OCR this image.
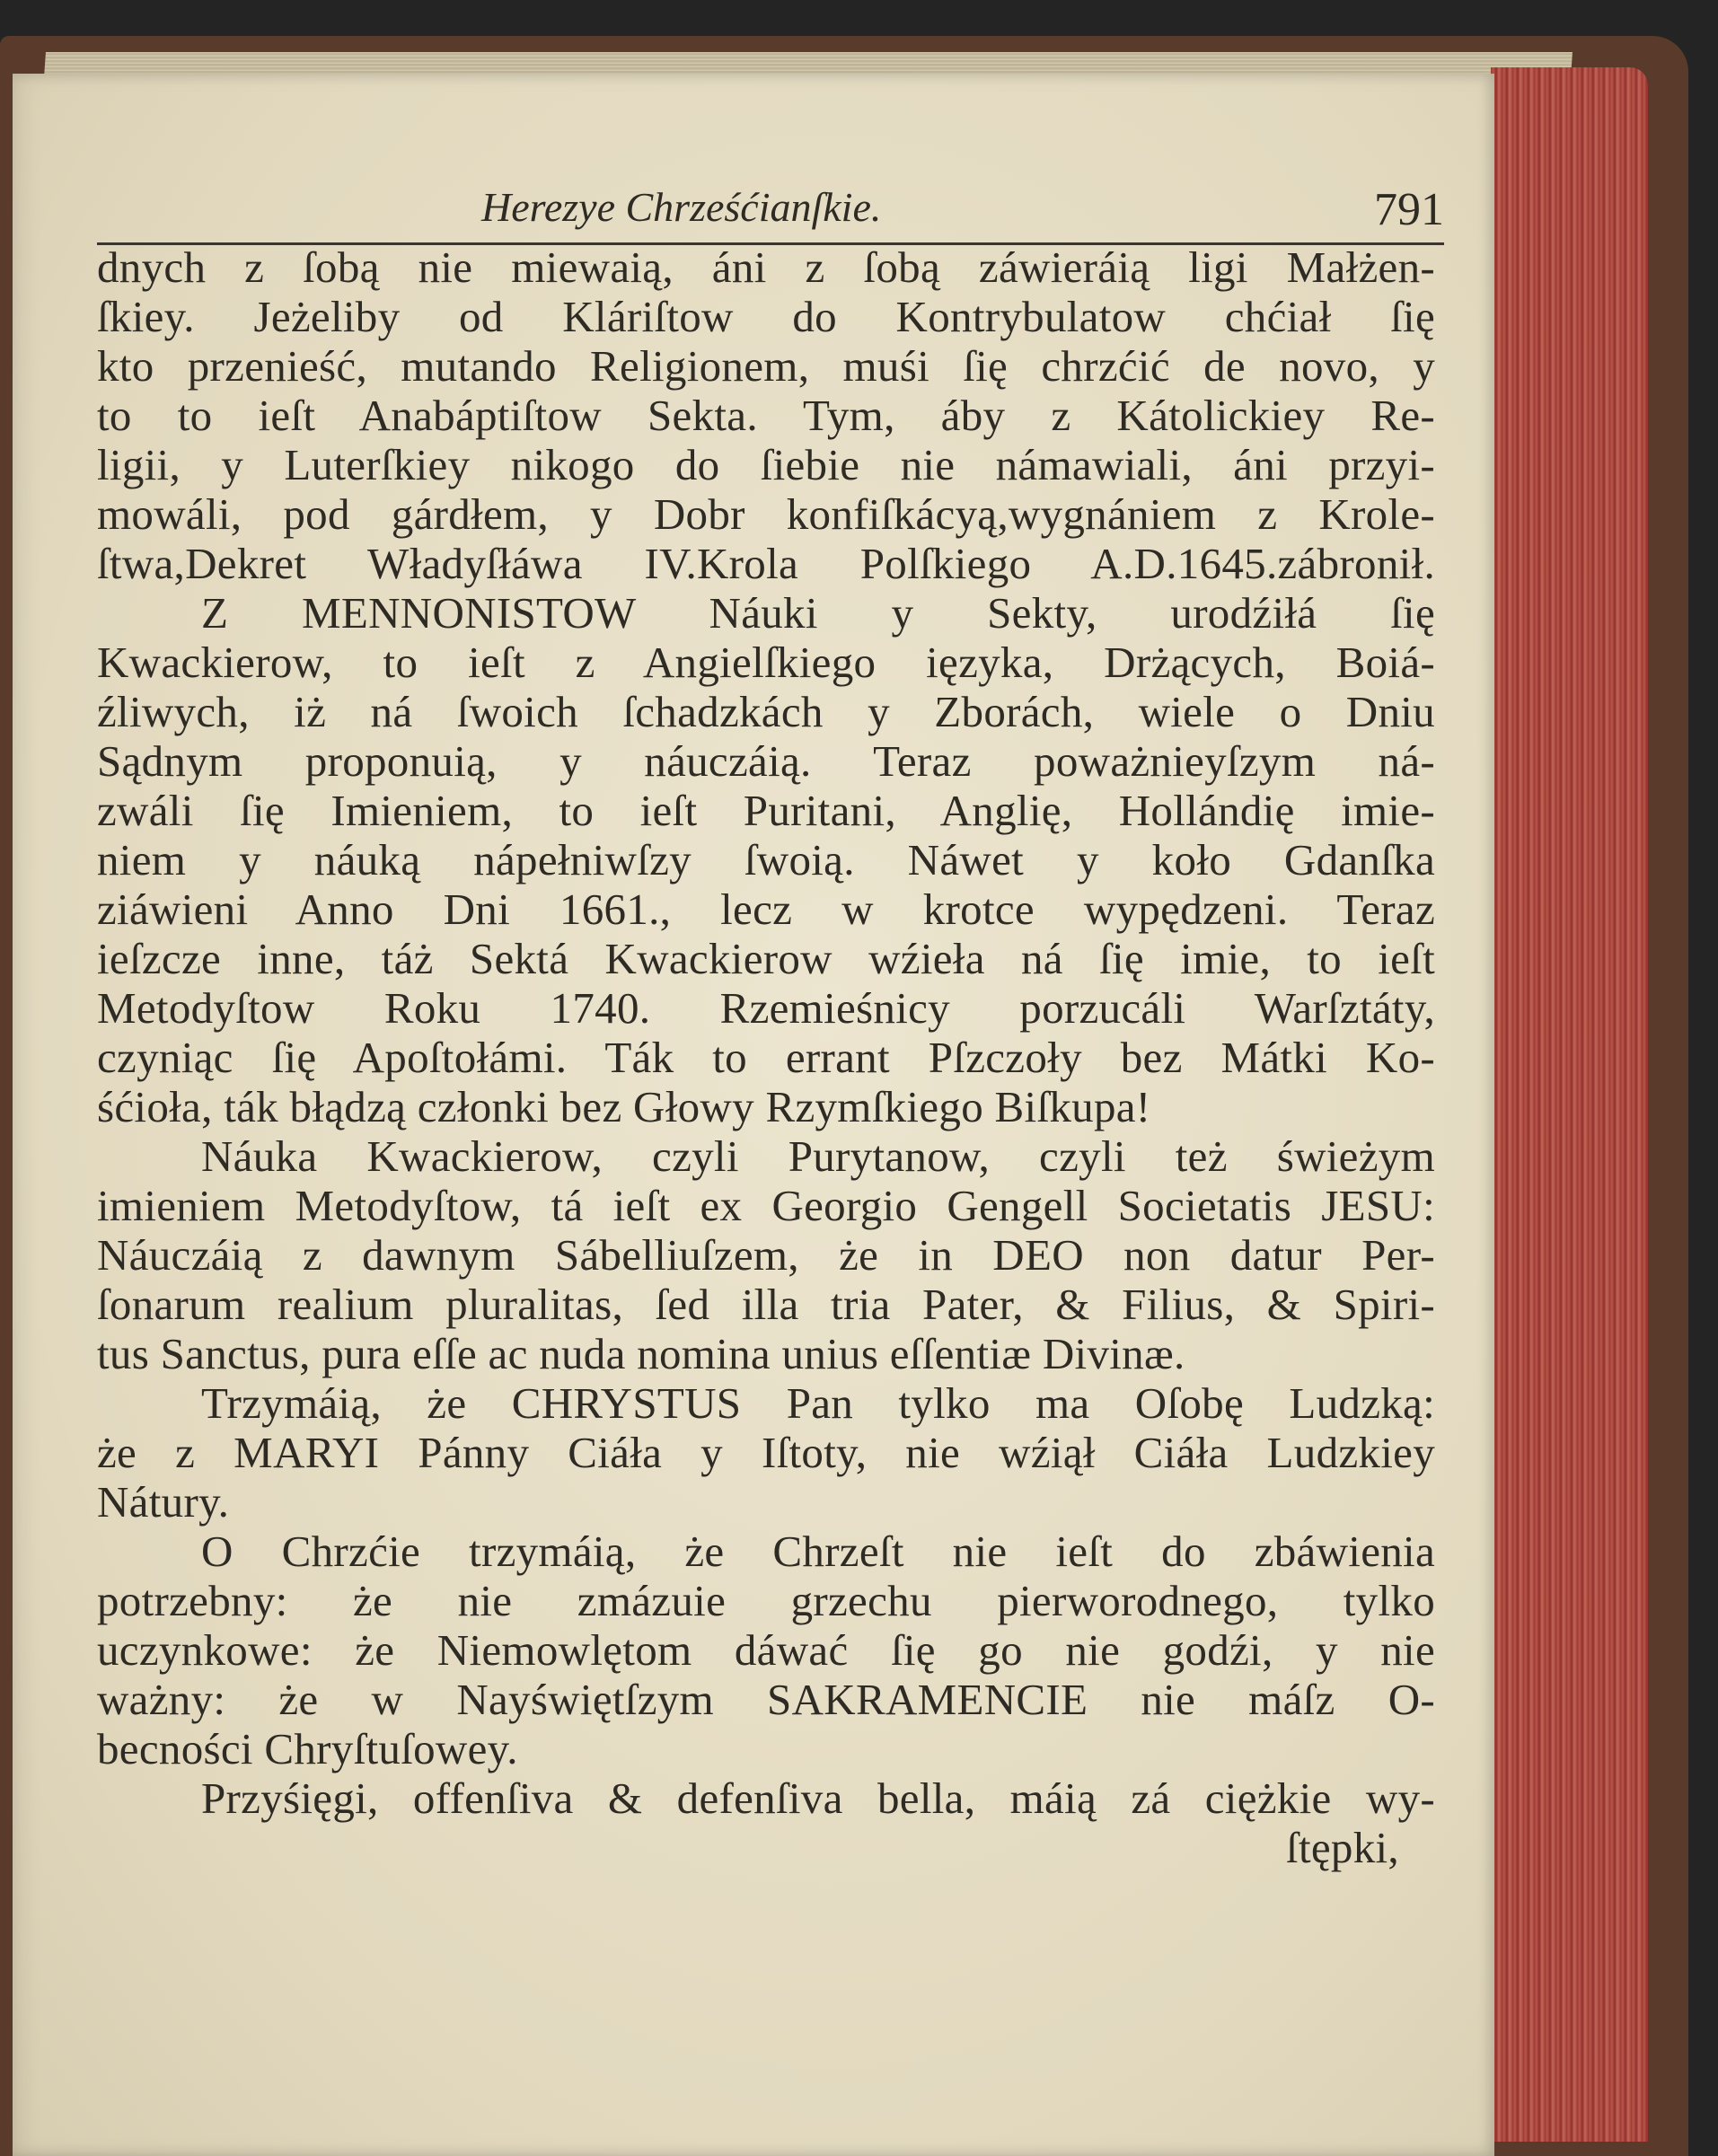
Herezye Chrześćianſkie.	791
dnych z ſobą nie miewaią, áni z ſobą záwieráią ligi Małżen-
ſkiey. Jeżeliby od Kláriſtow do Kontrybulatow chćiał ſię
kto przenieść, mutando Religionem, muśi ſię chrzćić de novo, y
to to ieſt Anabáptiſtow Sekta. Tym, áby z Kátolickiey Re-
ligii, y Luterſkiey nikogo do ſiebie nie námawiali, áni przyi-
mowáli, pod gárdłem, y Dobr konfiſkácyą,wygnániem z Krole-
ſtwa,Dekret Władyſłáwa IV.Krola Polſkiego A.D.1645.zábronił.
Z MENNONISTOW Náuki y Sekty, urodźiłá ſię
Kwackierow, to ieſt z Angielſkiego ięzyka, Drżących, Boiá-
źliwych, iż ná ſwoich ſchadzkách y Zborách, wiele o Dniu
Sądnym proponuią, y náuczáią. Teraz poważnieyſzym ná-
zwáli ſię Imieniem, to ieſt Puritani, Anglię, Hollándię imie-
niem y náuką nápełniwſzy ſwoią. Náwet y koło Gdanſka
ziáwieni Anno Dni 1661., lecz w krotce wypędzeni. Teraz
ieſzcze inne, táż Sektá Kwackierow wźieła ná ſię imie, to ieſt
Metodyſtow Roku 1740. Rzemieśnicy porzucáli Warſztáty,
czyniąc ſię Apoſtołámi. Ták to errant Pſzczoły bez Mátki Ko-
śćioła, ták błądzą członki bez Głowy Rzymſkiego Biſkupa!
Náuka Kwackierow, czyli Purytanow, czyli też świeżym
imieniem Metodyſtow, tá ieſt ex Georgio Gengell Societatis JESU:
Náuczáią z dawnym Sábelliuſzem, że in DEO non datur Per-
ſonarum realium pluralitas, ſed illa tria Pater, & Filius, & Spiri-
tus Sanctus, pura eſſe ac nuda nomina unius eſſentiæ Divinæ.
Trzymáią, że CHRYSTUS Pan tylko ma Oſobę Ludzką:
że z MARYI Pánny Ciáła y Iſtoty, nie wźiął Ciáła Ludzkiey
Nátury.
O Chrzćie trzymáią, że Chrzeſt nie ieſt do zbáwienia
potrzebny: że nie zmázuie grzechu pierworodnego, tylko
uczynkowe: że Niemowlętom dáwać ſię go nie godźi, y nie
ważny: że w Nayświętſzym SAKRAMENCIE nie máſz O-
becności Chryſtuſowey.
Przyśięgi, offenſiva & defenſiva bella, máią zá ciężkie wy-
ſtępki,
